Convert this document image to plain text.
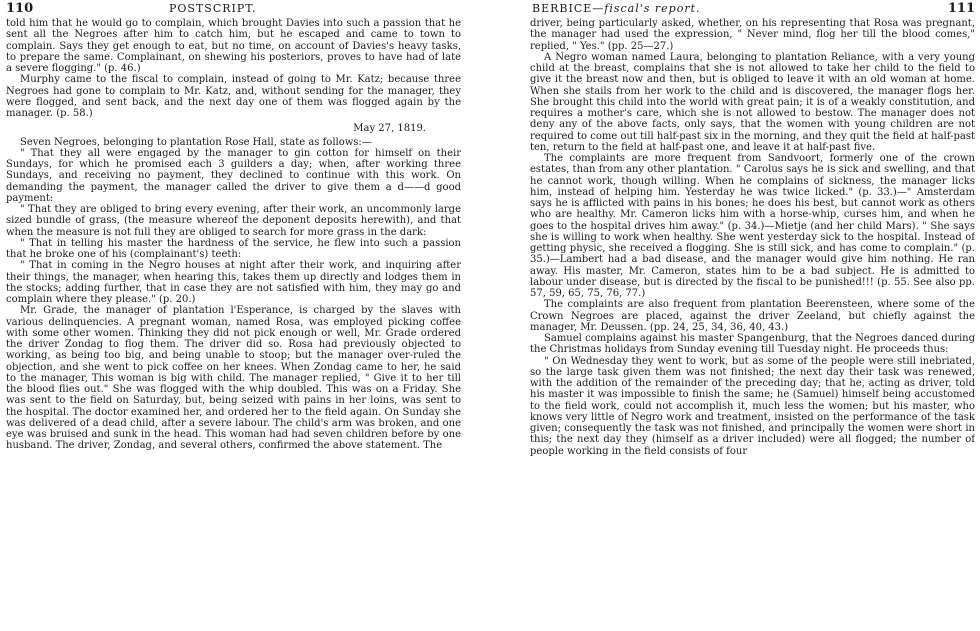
110	POSTSCRIPT.

told him that he would go to complain, which brought Davies into such a passion that he sent all the Negroes after him to catch him, but he escaped and came to town to complain. Says they get enough to eat, but no time, on account of Davies's heavy tasks, to prepare the same. Complainant, on shewing his posteriors, proves to have had of late a severe flogging." (p. 46.)

Murphy came to the fiscal to complain, instead of going to Mr. Katz; because three Negroes had gone to complain to Mr. Katz, and, without sending for the manager, they were flogged, and sent back, and the next day one of them was flogged again by the manager. (p. 58.)

May 27, 1819.

Seven Negroes, belonging to plantation Rose Hall, state as follows:—

" That they all were engaged by the manager to gin cotton for himself on their Sundays, for which he promised each 3 guilders a day; when, after working three Sundays, and receiving no payment, they declined to continue with this work. On demanding the payment, the manager called the driver to give them a d——d good payment:

" That they are obliged to bring every evening, after their work, an uncommonly large sized bundle of grass, (the measure whereof the deponent deposits herewith), and that when the measure is not full they are obliged to search for more grass in the dark:

" That in telling his master the hardness of the service, he flew into such a passion that he broke one of his (complainant's) teeth:

" That in coming in the Negro houses at night after their work, and inquiring after their things, the manager, when hearing this, takes them up directly and lodges them in the stocks; adding further, that in case they are not satisfied with him, they may go and complain where they please." (p. 20.)

Mr. Grade, the manager of plantation l'Esperance, is charged by the slaves with various delinquencies. A pregnant woman, named Rosa, was employed picking coffee with some other women. Thinking they did not pick enough or well, Mr. Grade ordered the driver Zondag to flog them. The driver did so. Rosa had previously objected to working, as being too big, and being unable to stoop; but the manager over-ruled the objection, and she went to pick coffee on her knees. When Zondag came to her, he said to the manager, This woman is big with child. The manager replied, " Give it to her till the blood flies out." She was flogged with the whip doubled. This was on a Friday. She was sent to the field on Saturday, but, being seized with pains in her loins, was sent to the hospital. The doctor examined her, and ordered her to the field again. On Sunday she was delivered of a dead child, after a severe labour. The child's arm was broken, and one eye was bruised and sunk in the head. This woman had had seven children before by one husband. The driver, Zondag, and several others, confirmed the above statement. The

BERBICE—fiscal's report.	111

driver, being particularly asked, whether, on his representing that Rosa was pregnant, the manager had used the expression, " Never mind, flog her till the blood comes," replied, " Yes." (pp. 25—27.)

A Negro woman named Laura, belonging to plantation Reliance, with a very young child at the breast, complains that she is not allowed to take her child to the field to give it the breast now and then, but is obliged to leave it with an old woman at home. When she stails from her work to the child and is discovered, the manager flogs her. She brought this child into the world with great pain; it is of a weakly constitution, and requires a mother's care, which she is not allowed to bestow. The manager does not deny any of the above facts, only says, that the women with young children are not required to come out till half-past six in the morning, and they quit the field at half-past ten, return to the field at half-past one, and leave it at half-past five.

The complaints are more frequent from Sandvoort, formerly one of the crown estates, than from any other plantation. " Carolus says he is sick and swelling, and that he cannot work, though willing. When he complains of sickness, the manager licks him, instead of helping him. Yesterday he was twice licked." (p. 33.)—" Amsterdam says he is afflicted with pains in his bones; he does his best, but cannot work as others who are healthy. Mr. Cameron licks him with a horse-whip, curses him, and when he goes to the hospital drives him away." (p. 34.)—Mietje (and her child Mars). " She says she is willing to work when healthy. She went yesterday sick to the hospital. Instead of getting physic, she received a flogging. She is still sick, and has come to complain." (p. 35.)—Lambert had a bad disease, and the manager would give him nothing. He ran away. His master, Mr. Cameron, states him to be a bad subject. He is admitted to labour under disease, but is directed by the fiscal to be punished!!! (p. 55. See also pp. 57, 59, 65, 75, 76, 77.)

The complaints are also frequent from plantation Beerensteen, where some of the Crown Negroes are placed, against the driver Zeeland, but chiefly against the manager, Mr. Deussen. (pp. 24, 25, 34, 36, 40, 43.)

Samuel complains against his master Spangenburg, that the Negroes danced during the Christmas holidays from Sunday evening till Tuesday night. He proceeds thus:

" On Wednesday they went to work, but as some of the people were still inebriated, so the large task given them was not finished; the next day their task was renewed, with the addition of the remainder of the preceding day; that he, acting as driver, told his master it was impossible to finish the same; he (Samuel) himself being accustomed to the field work, could not accomplish it, much less the women; but his master, who knows very little of Negro work and treatment, insisted on the performance of the task given; consequently the task was not finished, and principally the women were short in this; the next day they (himself as a driver included) were all flogged; the number of people working in the field consists of four
